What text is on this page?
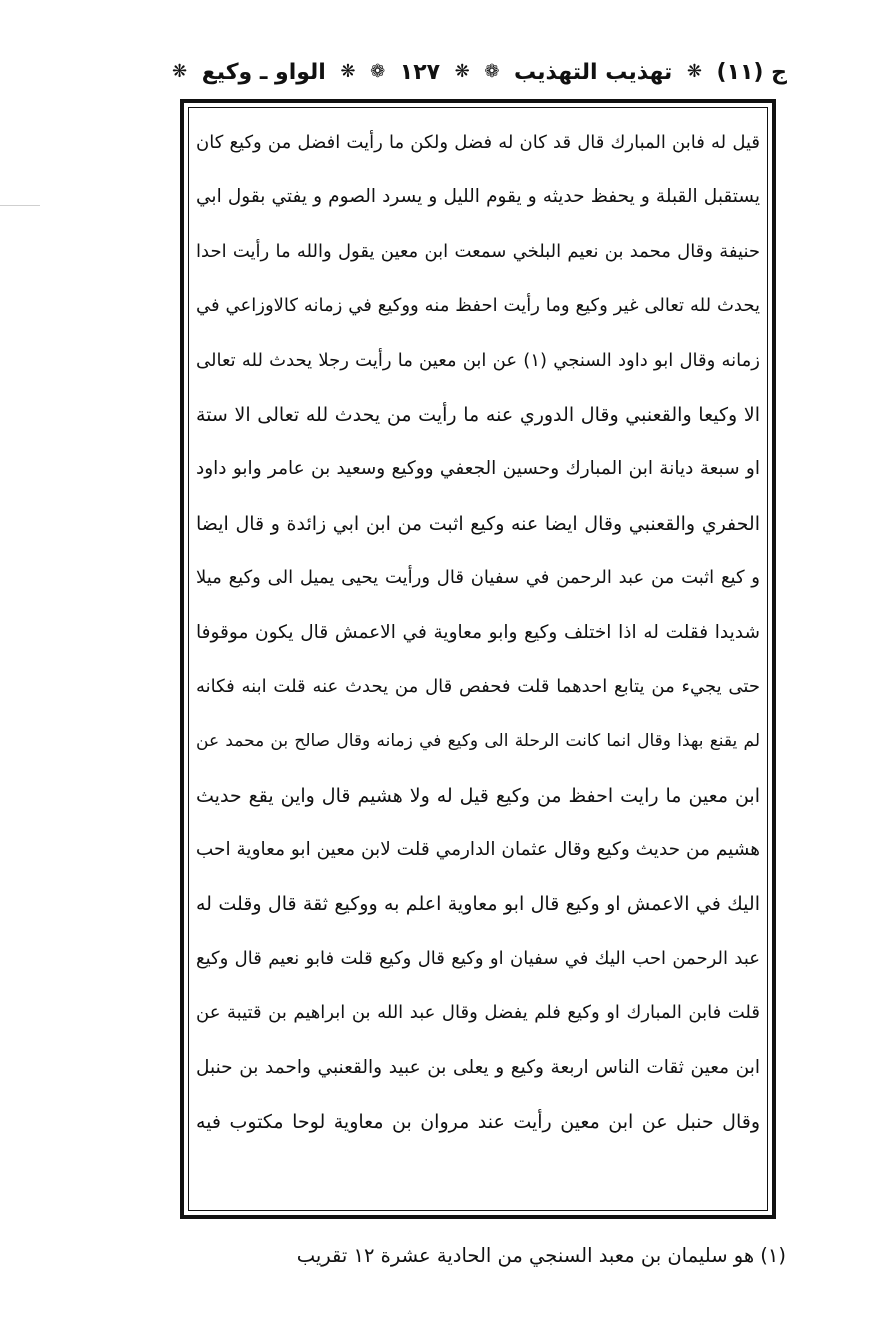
ج (١١)
❋
تهذيب التهذيب
❁
❋
١٢٧
❁
❋
الواو ـ وكيع
❋
قيل له فابن المبارك قال قد كان له فضل ولكن ما رأيت افضل من وكيع كان
يستقبل القبلة و يحفظ حديثه و يقوم الليل و يسرد الصوم و يفتي بقول ابي
حنيفة وقال محمد بن نعيم البلخي سمعت ابن معين يقول والله ما رأيت احدا
يحدث لله تعالى غير وكيع وما رأيت احفظ منه ووكيع في زمانه كالاوزاعي في
زمانه وقال ابو داود السنجي (١) عن ابن معين ما رأيت رجلا يحدث لله تعالى
الا وكيعا والقعنبي وقال الدوري عنه ما رأيت من يحدث لله تعالى الا ستة
او سبعة ديانة ابن المبارك وحسين الجعفي ووكيع وسعيد بن عامر وابو داود
الحفري والقعنبي وقال ايضا عنه وكيع اثبت من ابن ابي زائدة و قال ايضا
و كيع اثبت من عبد الرحمن في سفيان قال ورأيت يحيى يميل الى وكيع ميلا
شديدا فقلت له اذا اختلف وكيع وابو معاوية في الاعمش قال يكون موقوفا
حتى يجيء من يتابع احدهما قلت فحفص قال من يحدث عنه قلت ابنه فكانه
لم يقنع بهذا وقال انما كانت الرحلة الى وكيع في زمانه وقال صالح بن محمد عن
ابن معين ما رايت احفظ من وكيع قيل له ولا هشيم قال واين يقع حديث
هشيم من حديث وكيع وقال عثمان الدارمي قلت لابن معين ابو معاوية احب
اليك في الاعمش او وكيع قال ابو معاوية اعلم به ووكيع ثقة قال وقلت له
عبد الرحمن احب اليك في سفيان او وكيع قال وكيع قلت فابو نعيم قال وكيع
قلت فابن المبارك او وكيع فلم يفضل وقال عبد الله بن ابراهيم بن قتيبة عن
ابن معين ثقات الناس اربعة وكيع و يعلى بن عبيد والقعنبي واحمد بن حنبل
وقال حنبل عن ابن معين رأيت عند مروان بن معاوية لوحا مكتوب فيه
(١) هو سليمان بن معبد السنجي من الحادية عشرة ١٢ تقريب
